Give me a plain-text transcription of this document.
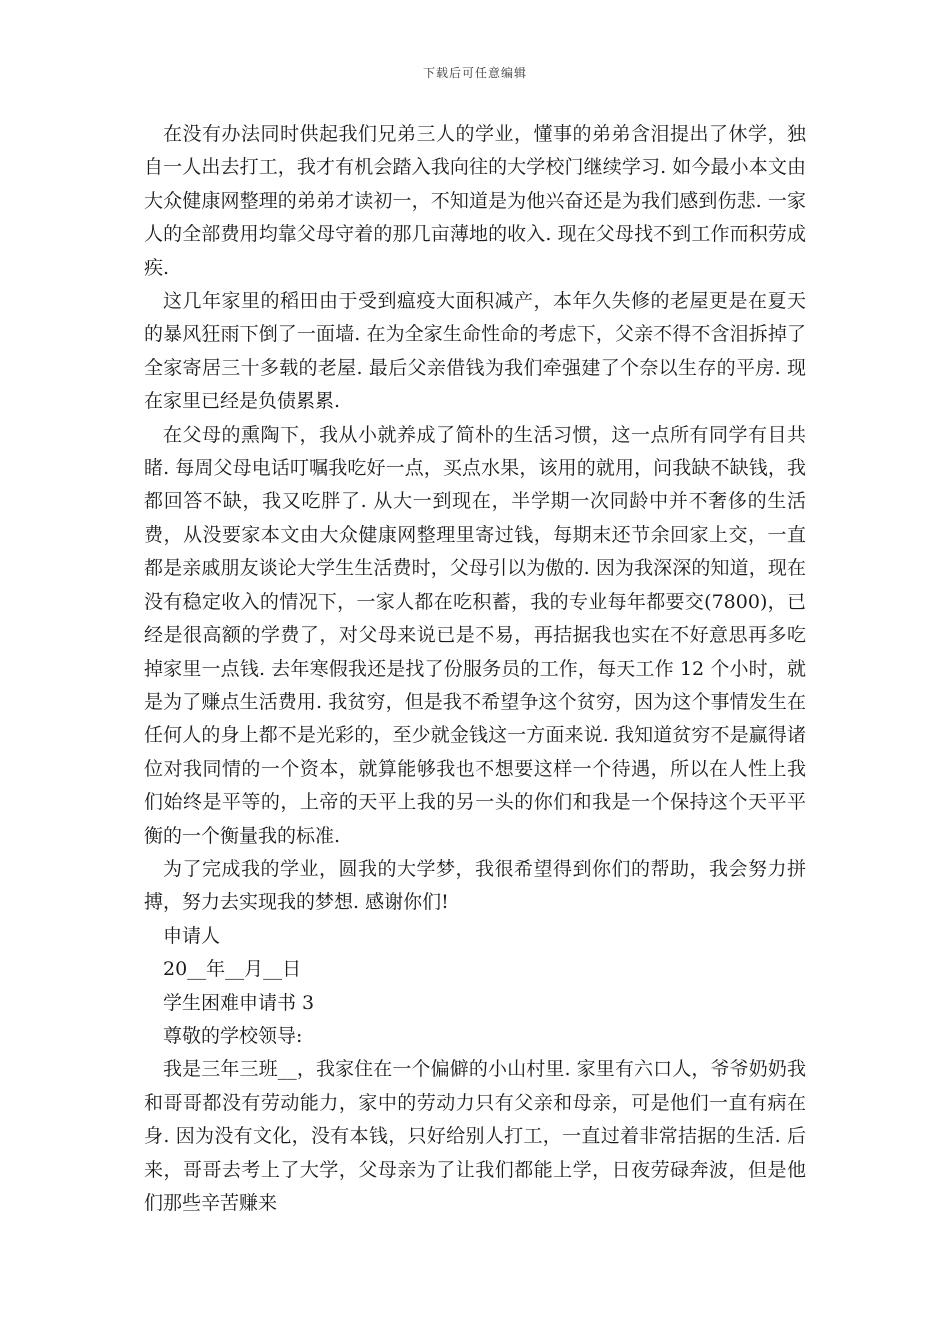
下载后可任意编辑

在没有办法同时供起我们兄弟三人的学业，懂事的弟弟含泪提出了休学，独自一人出去打工，我才有机会踏入我向往的大学校门继续学习. 如今最小本文由大众健康网整理的弟弟才读初一，不知道是为他兴奋还是为我们感到伤悲. 一家人的全部费用均靠父母守着的那几亩薄地的收入. 现在父母找不到工作而积劳成疾.

这几年家里的稻田由于受到瘟疫大面积减产，本年久失修的老屋更是在夏天的暴风狂雨下倒了一面墙. 在为全家生命性命的考虑下，父亲不得不含泪拆掉了全家寄居三十多载的老屋. 最后父亲借钱为我们牵强建了个奈以生存的平房. 现在家里已经是负债累累.

在父母的熏陶下，我从小就养成了简朴的生活习惯，这一点所有同学有目共睹. 每周父母电话叮嘱我吃好一点，买点水果，该用的就用，问我缺不缺钱，我都回答不缺，我又吃胖了. 从大一到现在，半学期一次同龄中并不奢侈的生活费，从没要家本文由大众健康网整理里寄过钱，每期末还节余回家上交，一直都是亲戚朋友谈论大学生生活费时，父母引以为傲的. 因为我深深的知道，现在没有稳定收入的情况下，一家人都在吃积蓄，我的专业每年都要交(7800)，已经是很高额的学费了，对父母来说已是不易，再拮据我也实在不好意思再多吃掉家里一点钱. 去年寒假我还是找了份服务员的工作，每天工作 12 个小时，就是为了赚点生活费用. 我贫穷，但是我不希望争这个贫穷，因为这个事情发生在任何人的身上都不是光彩的，至少就金钱这一方面来说. 我知道贫穷不是赢得诸位对我同情的一个资本，就算能够我也不想要这样一个待遇，所以在人性上我们始终是平等的，上帝的天平上我的另一头的你们和我是一个保持这个天平平衡的一个衡量我的标准.

为了完成我的学业，圆我的大学梦，我很希望得到你们的帮助，我会努力拼搏，努力去实现我的梦想. 感谢你们!

申请人

20__年__月__日

学生困难申请书 3

尊敬的学校领导:

我是三年三班__，我家住在一个偏僻的小山村里. 家里有六口人，爷爷奶奶我和哥哥都没有劳动能力，家中的劳动力只有父亲和母亲，可是他们一直有病在身. 因为没有文化，没有本钱，只好给别人打工，一直过着非常拮据的生活. 后来，哥哥去考上了大学，父母亲为了让我们都能上学，日夜劳碌奔波，但是他们那些辛苦赚来
